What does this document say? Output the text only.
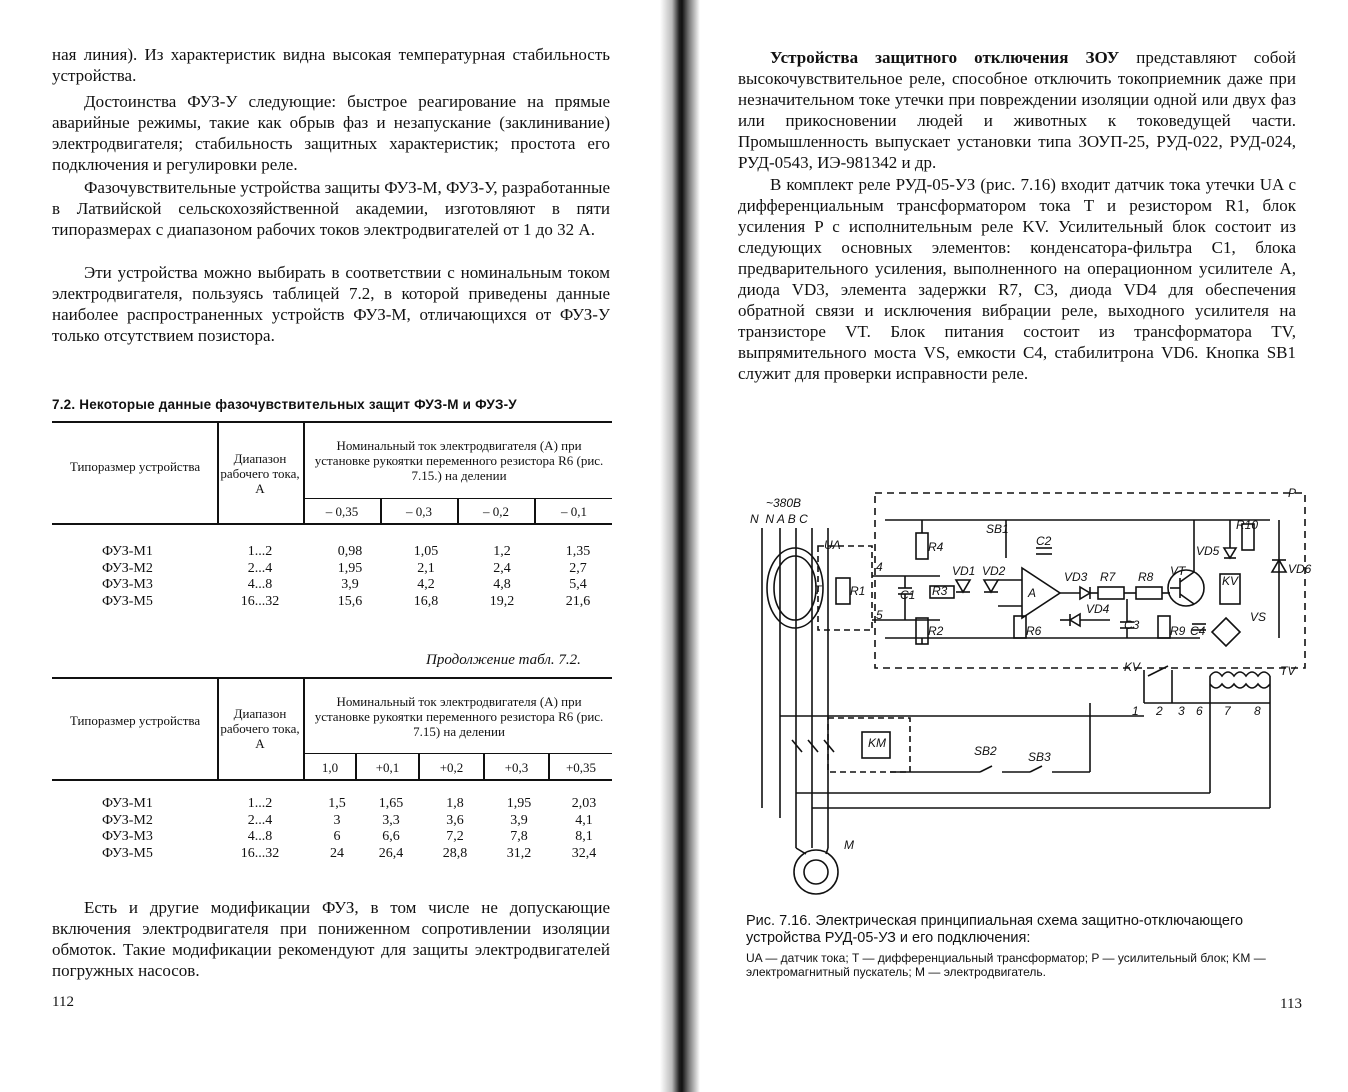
ная линия). Из характеристик видна высокая температурная стабильность устройства.

Достоинства ФУЗ-У следующие: быстрое реагирование на прямые аварийные режимы, такие как обрыв фаз и незапускание (заклинивание) электродвигателя; стабильность защитных характеристик; простота его подключения и регулировки реле.

Фазочувствительные устройства защиты ФУЗ-М, ФУЗ-У, разработанные в Латвийской сельскохозяйственной академии, изготовляют в пяти типоразмерах с диапазоном рабочих токов электродвигателей от 1 до 32 А.

Эти устройства можно выбирать в соответствии с номинальным током электродвигателя, пользуясь таблицей 7.2, в которой приведены данные наиболее распространенных устройств ФУЗ-М, отличающихся от ФУЗ-У только отсутствием позистора.

7.2. Некоторые данные фазочувствительных защит ФУЗ-М и ФУЗ-У
Типоразмер устройства
Диапазон рабочего тока, А
Номинальный ток электродвигателя (А) при установке рукоятки переменного резистора R6 (рис. 7.15.) на делении
– 0,35	– 0,3	– 0,2	– 0,1
ФУЗ-М1	1...2	0,98	1,05	1,2	1,35
ФУЗ-М2	2...4	1,95	2,1	2,4	2,7
ФУЗ-М3	4...8	3,9	4,2	4,8	5,4
ФУЗ-М5	16...32	15,6	16,8	19,2	21,6
Продолжение табл. 7.2.
Типоразмер устройства	Диапазон рабочего тока, А
Номинальный ток электродвигателя (А) при установке рукоятки переменного резистора R6 (рис. 7.15) на делении
1,0	+0,1	+0,2	+0,3	+0,35
ФУЗ-М1	1...2	1,5	1,65	1,8	1,95	2,03
ФУЗ-М2	2...4	3	3,3	3,6	3,9	4,1
ФУЗ-М3	4...8	6	6,6	7,2	7,8	8,1
ФУЗ-М5	16...32	24	26,4	28,8	31,2	32,4

Есть и другие модификации ФУЗ, в том числе не допускающие включения электродвигателя при пониженном сопротивлении изоляции обмоток. Такие модификации рекомендуют для защиты электродвигателей погружных насосов.

112

Устройства защитного отключения ЗОУ представляют собой высокочувствительное реле, способное отключить токоприемник даже при незначительном токе утечки при повреждении изоляции одной или двух фаз или прикосновении людей и животных к токоведущей части. Промышленность выпускает установки типа ЗОУП-25, РУД-022, РУД-024, РУД-0543, ИЭ-981342 и др.

В комплект реле РУД-05-УЗ (рис. 7.16) входит датчик тока утечки UA с дифференциальным трансформатором тока T и резистором R1, блок усиления P с исполнительным реле KV. Усилительный блок состоит из следующих основных элементов: конденсатора-фильтра C1, блока предварительного усиления, выполненного на операционном усилителе A, диода VD3, элемента задержки R7, C3, диода VD4 для обеспечения обратной связи и исключения вибрации реле, выходного усилителя на транзисторе VT. Блок питания состоит из трансформатора TV, выпрямительного моста VS, емкости C4, стабилитрона VD6. Кнопка SB1 служит для проверки исправности реле.

~380В
N  N A B C
P
UA
T R1	C1
R2
R3
R4
SB1
C2
VD1 VD2
A
R6
VD3 R7 R8 VT
VD4
C3	R9 C4
R10
VD5
KV
VD6
VS
TV
KV
KM
SB2	SB3
M
4
5
1 2 3 6 7 8
Рис. 7.16. Электрическая принципиальная схема защитно-отключающего устройства РУД-05-УЗ и его подключения:
UA — датчик тока; T — дифференциальный трансформатор; P — усилительный блок; KM — электромагнитный пускатель; M — электродвигатель.
113
